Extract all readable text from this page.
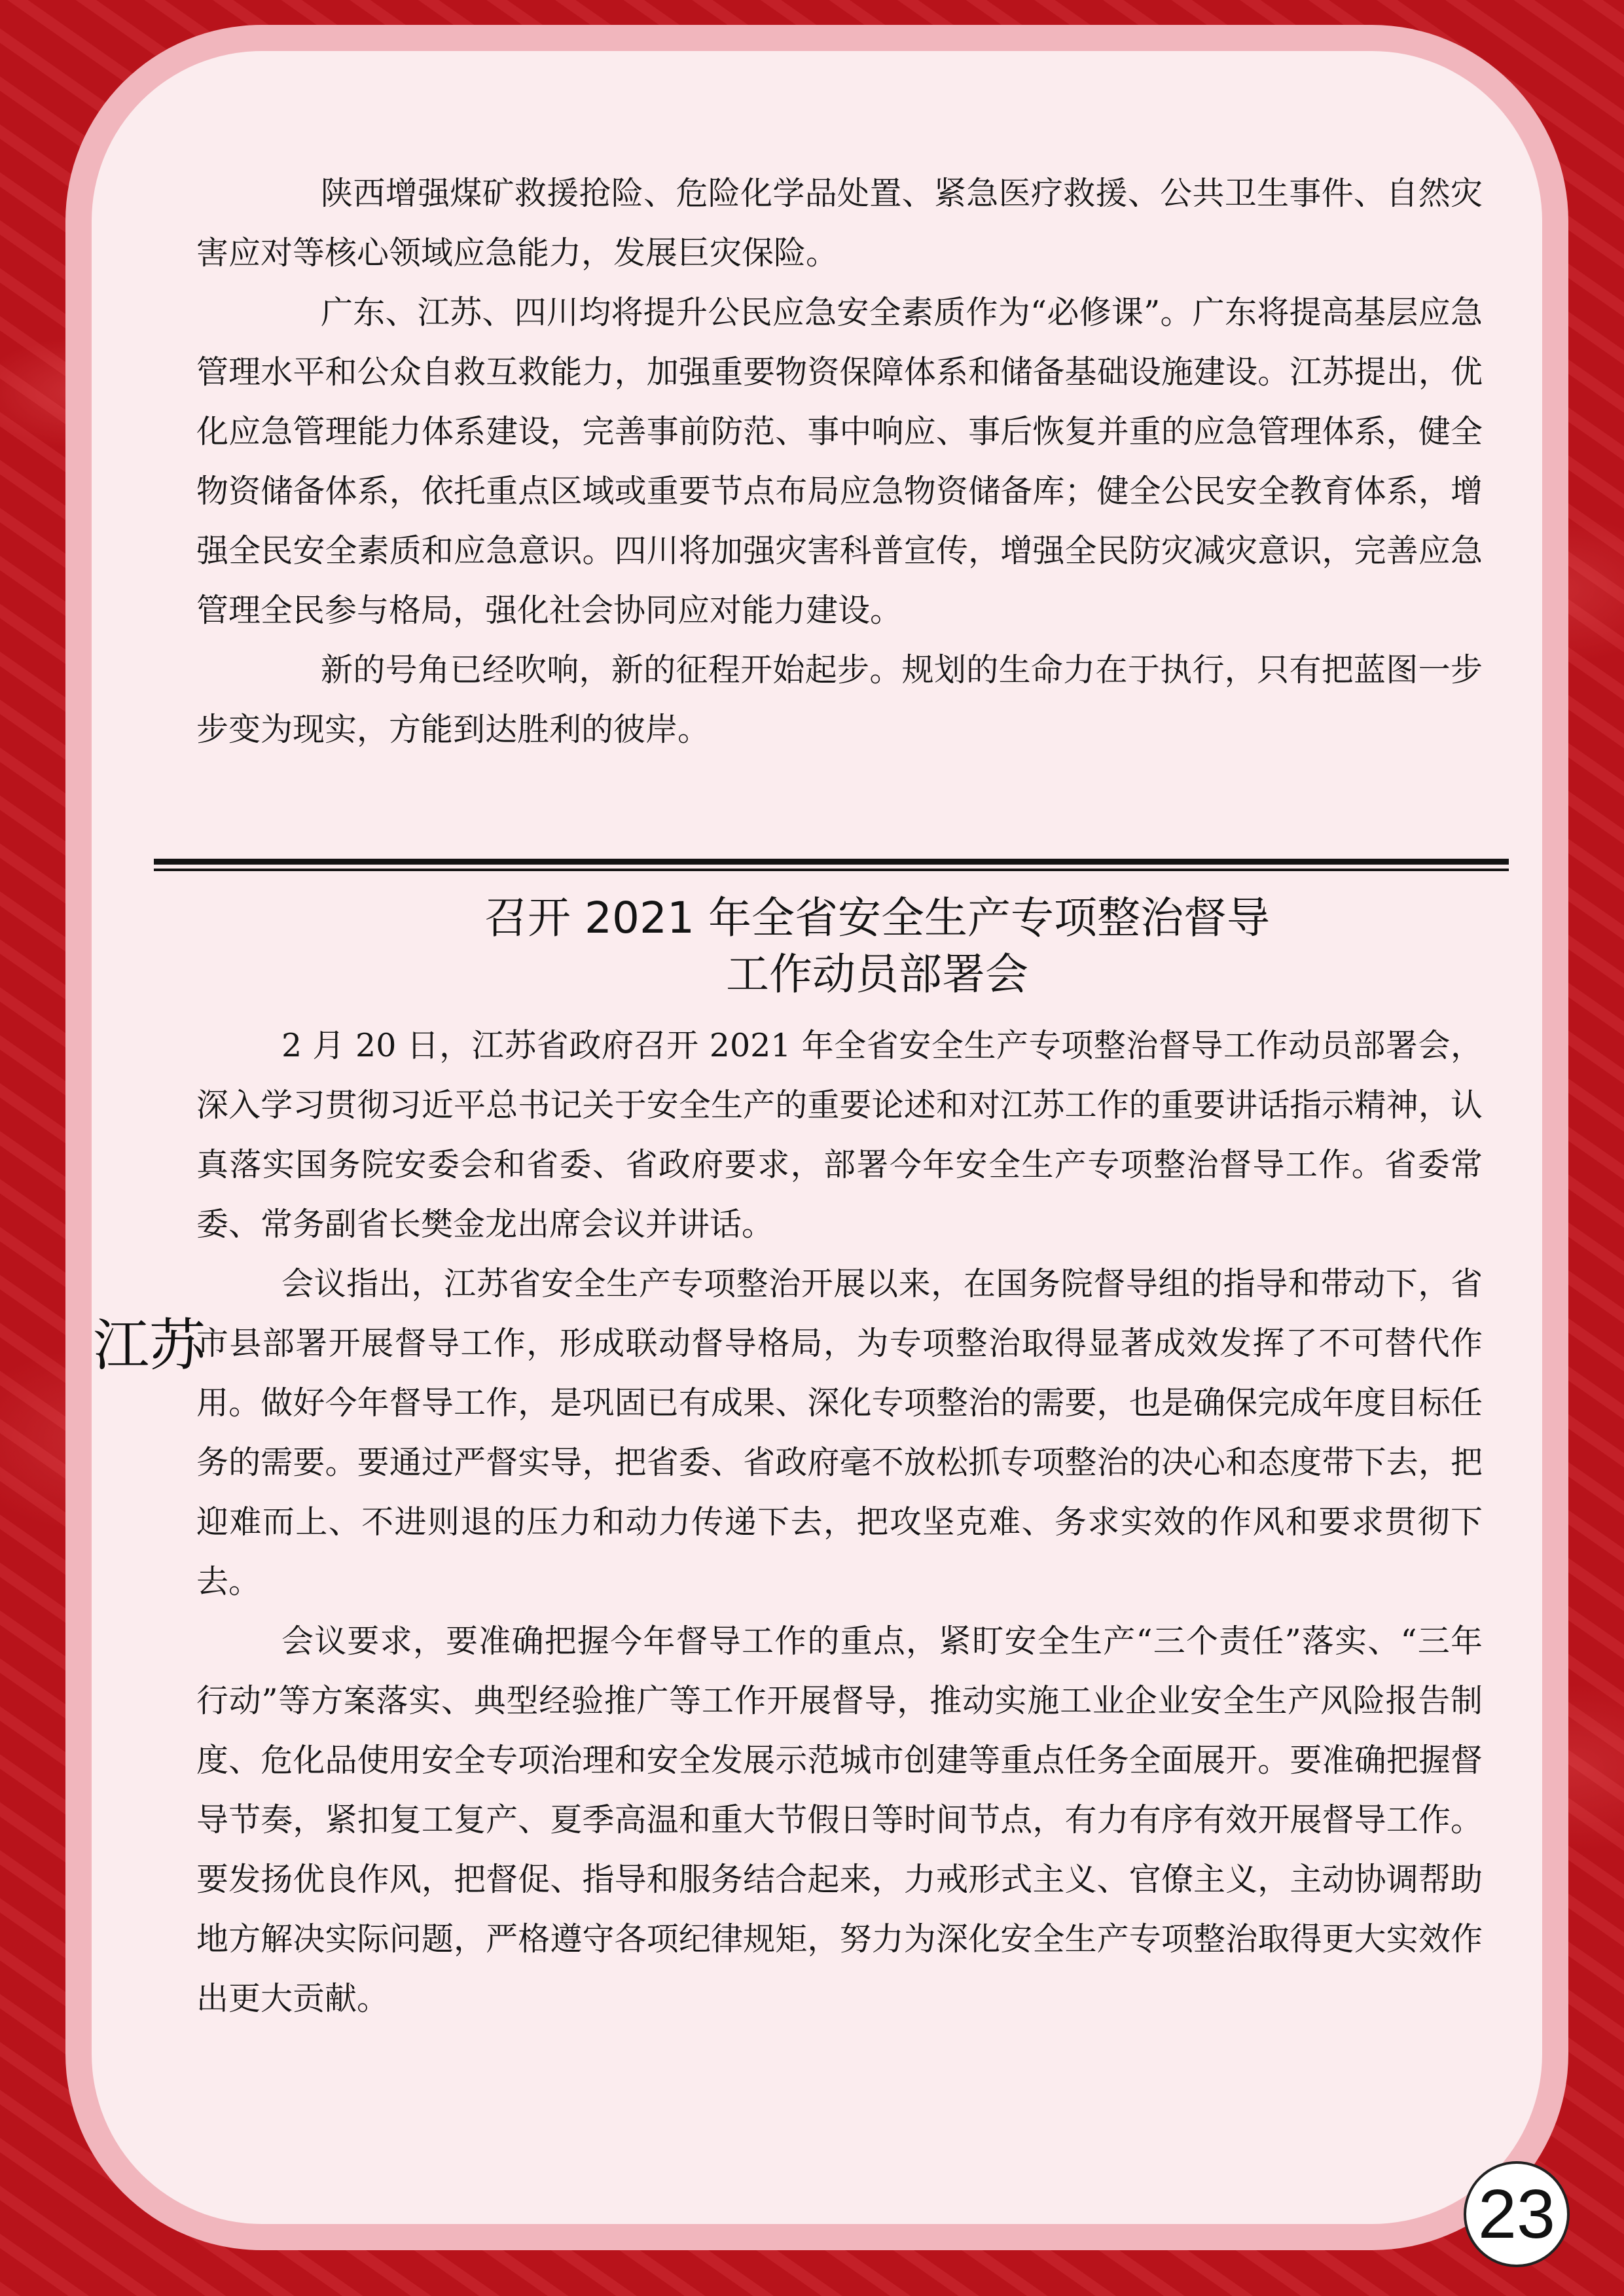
陕西增强煤矿救援抢险、危险化学品处置、紧急医疗救援、公共卫生事件、自然灾害应对等核心领域应急能力，发展巨灾保险。

广东、江苏、四川均将提升公民应急安全素质作为“必修课”。广东将提高基层应急管理水平和公众自救互救能力，加强重要物资保障体系和储备基础设施建设。江苏提出，优化应急管理能力体系建设，完善事前防范、事中响应、事后恢复并重的应急管理体系，健全物资储备体系，依托重点区域或重要节点布局应急物资储备库；健全公民安全教育体系，增强全民安全素质和应急意识。四川将加强灾害科普宣传，增强全民防灾减灾意识，完善应急管理全民参与格局，强化社会协同应对能力建设。

新的号角已经吹响，新的征程开始起步。规划的生命力在于执行，只有把蓝图一步步变为现实，方能到达胜利的彼岸。

召开 2021 年全省安全生产专项整治督导
工作动员部署会

2 月 20 日，江苏省政府召开 2021 年全省安全生产专项整治督导工作动员部署会，深入学习贯彻习近平总书记关于安全生产的重要论述和对江苏工作的重要讲话指示精神，认真落实国务院安委会和省委、省政府要求，部署今年安全生产专项整治督导工作。省委常委、常务副省长樊金龙出席会议并讲话。

会议指出，江苏省安全生产专项整治开展以来，在国务院督导组的指导和带动下，省市县部署开展督导工作，形成联动督导格局，为专项整治取得显著成效发挥了不可替代作用。做好今年督导工作，是巩固已有成果、深化专项整治的需要，也是确保完成年度目标任务的需要。要通过严督实导，把省委、省政府毫不放松抓专项整治的决心和态度带下去，把迎难而上、不进则退的压力和动力传递下去，把攻坚克难、务求实效的作风和要求贯彻下去。

会议要求，要准确把握今年督导工作的重点，紧盯安全生产“三个责任”落实、“三年行动”等方案落实、典型经验推广等工作开展督导，推动实施工业企业安全生产风险报告制度、危化品使用安全专项治理和安全发展示范城市创建等重点任务全面展开。要准确把握督导节奏，紧扣复工复产、夏季高温和重大节假日等时间节点，有力有序有效开展督导工作。要发扬优良作风，把督促、指导和服务结合起来，力戒形式主义、官僚主义，主动协调帮助地方解决实际问题，严格遵守各项纪律规矩，努力为深化安全生产专项整治取得更大实效作出更大贡献。

江苏
23
